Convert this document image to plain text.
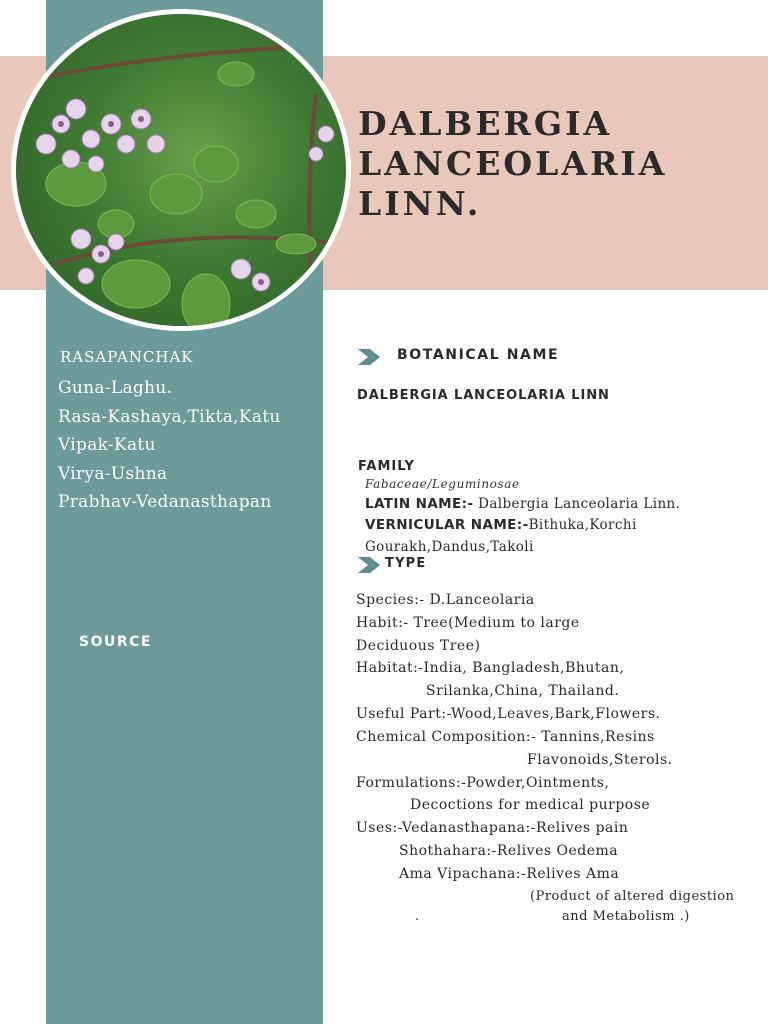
DALBERGIA
LANCEOLARIA
LINN.
RASAPANCHAK
Guna-Laghu.
Rasa-Kashaya,Tikta,Katu
Vipak-Katu
Virya-Ushna
Prabhav-Vedanasthapan
SOURCE
BOTANICAL NAME
DALBERGIA LANCEOLARIA LINN
FAMILY
Fabaceae/Leguminosae
LATIN NAME:- Dalbergia Lanceolaria Linn.
VERNICULAR NAME:-Bithuka,Korchi
Gourakh,Dandus,Takoli
TYPE
Species:- D.Lanceolaria
Habit:- Tree(Medium to large
Deciduous Tree)
Habitat:-India, Bangladesh,Bhutan,
Srilanka,China, Thailand.
Useful Part:-Wood,Leaves,Bark,Flowers.
Chemical Composition:- Tannins,Resins
Flavonoids,Sterols.
Formulations:-Powder,Ointments,
Decoctions for medical purpose
Uses:-Vedanasthapana:-Relives pain
Shothahara:-Relives Oedema
Ama Vipachana:-Relives Ama
(Product of altered digestion
.	and Metabolism .)
